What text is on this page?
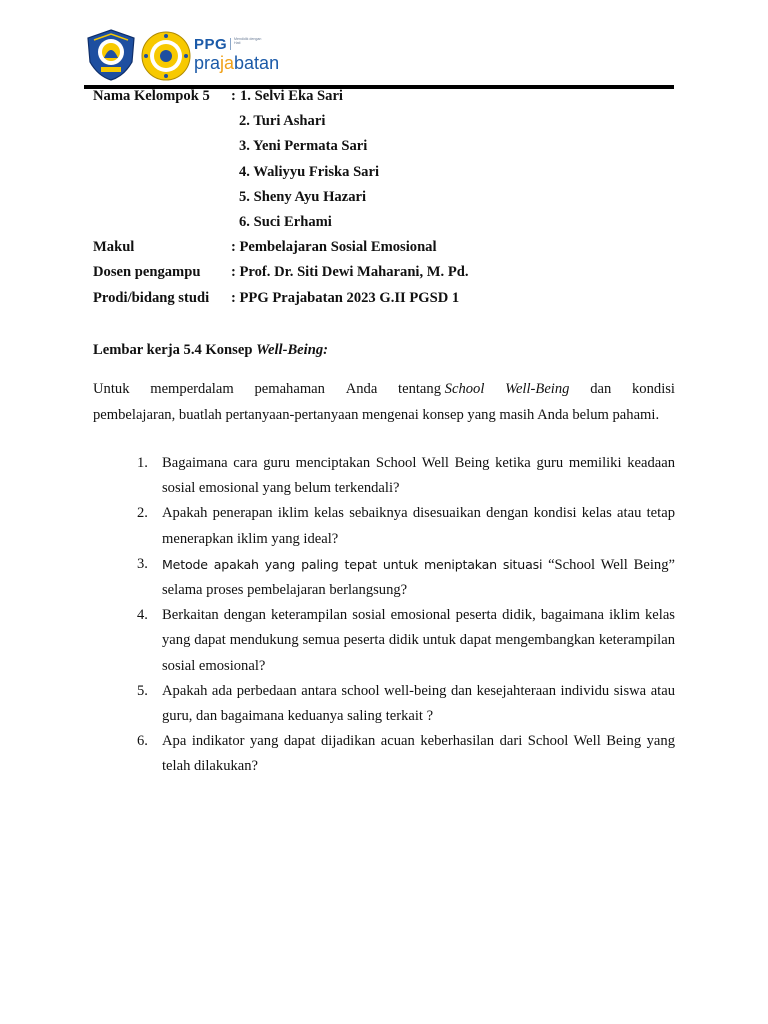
PPG Mendidik dengan Hati
prajabatan
Nama Kelompok 5 : 1. Selvi Eka Sari
2. Turi Ashari
3. Yeni Permata Sari
4. Waliyyu Friska Sari
5. Sheny Ayu Hazari
6. Suci Erhami
Makul	: Pembelajaran Sosial Emosional
Dosen pengampu : Prof. Dr. Siti Dewi Maharani, M. Pd.
Prodi/bidang studi : PPG Prajabatan 2023 G.II PGSD 1
Lembar kerja 5.4 Konsep Well-Being:
Untuk memperdalam pemahaman Anda tentang School Well-Being dan kondisi
pembelajaran, buatlah pertanyaan-pertanyaan mengenai konsep yang masih Anda belum pahami.
1. Bagaimana cara guru menciptakan School Well Being ketika guru memiliki keadaan sosial emosional yang belum terkendali?
2. Apakah penerapan iklim kelas sebaiknya disesuaikan dengan kondisi kelas atau tetap menerapkan iklim yang ideal?
3. Metode apakah yang paling tepat untuk meniptakan situasi “School Well Being” selama proses pembelajaran berlangsung?
4. Berkaitan dengan keterampilan sosial emosional peserta didik, bagaimana iklim kelas yang dapat mendukung semua peserta didik untuk dapat mengembangkan keterampilan sosial emosional?
5. Apakah ada perbedaan antara school well-being dan kesejahteraan individu siswa atau guru, dan bagaimana keduanya saling terkait ?
6. Apa indikator yang dapat dijadikan acuan keberhasilan dari School Well Being yang telah dilakukan?
